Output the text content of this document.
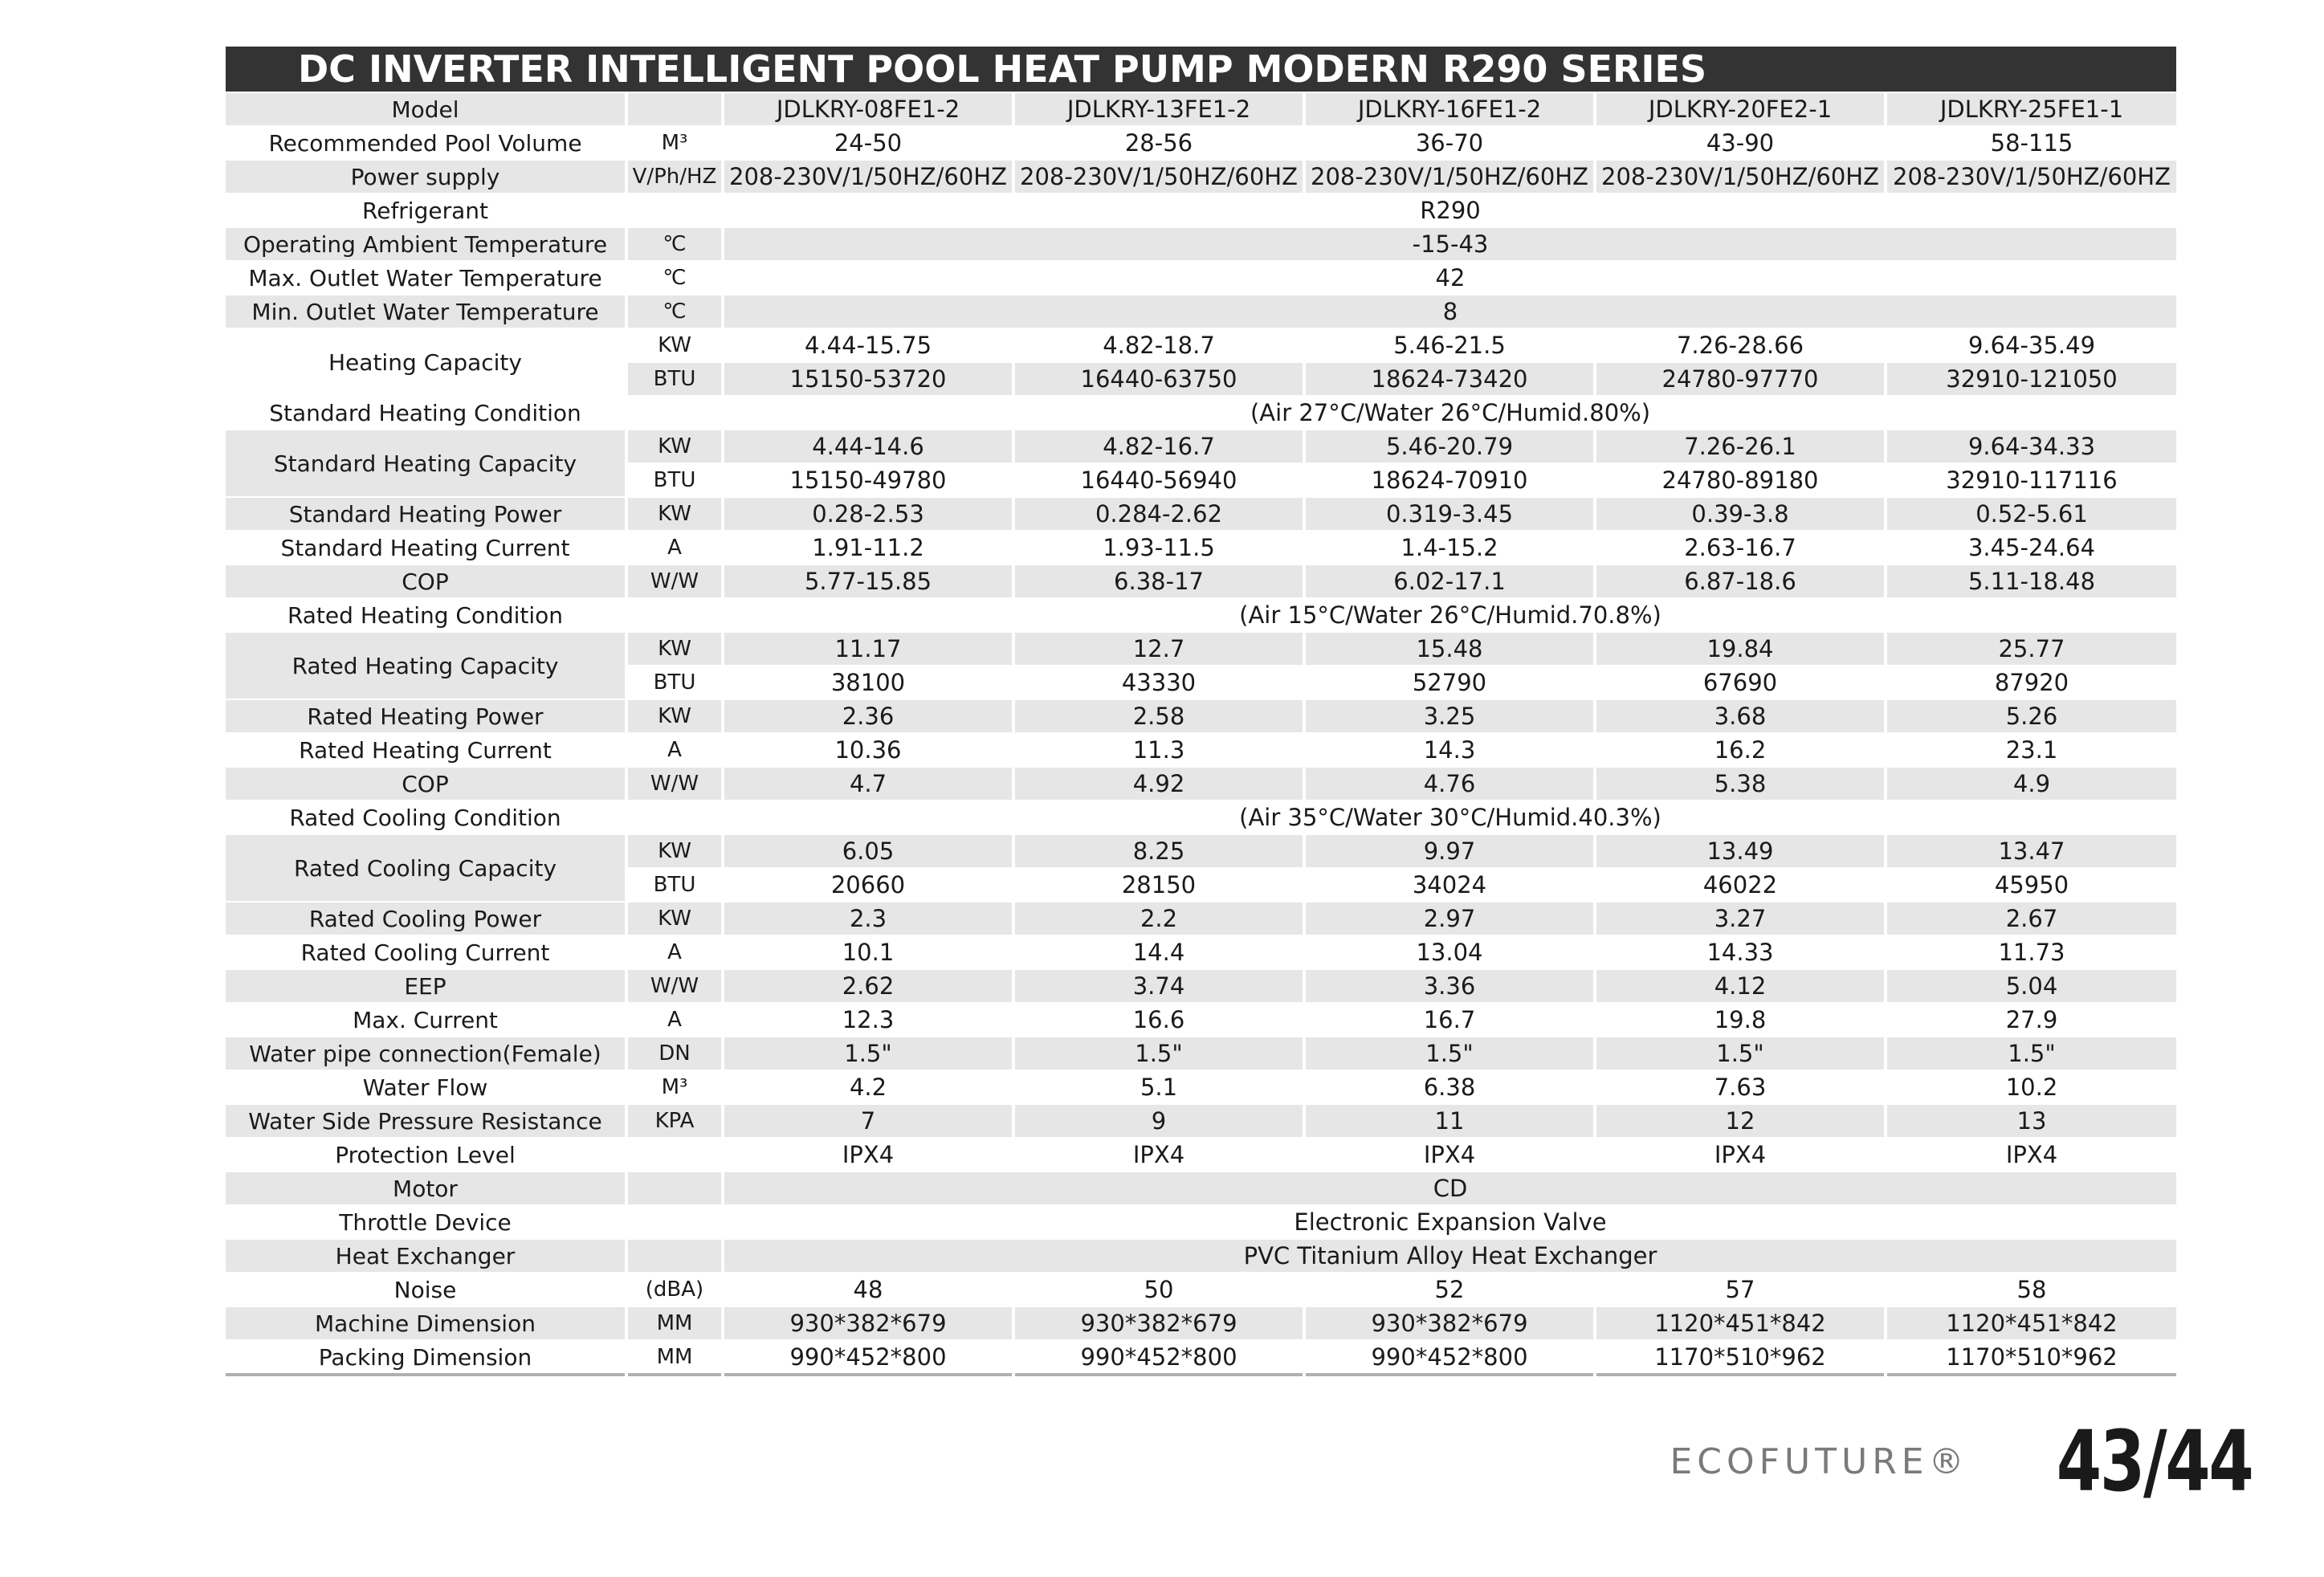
DC INVERTER INTELLIGENT POOL HEAT PUMP MODERN R290 SERIES
Model		JDLKRY-08FE1-2	JDLKRY-13FE1-2	JDLKRY-16FE1-2	JDLKRY-20FE2-1	JDLKRY-25FE1-1
Recommended Pool Volume	M³	24-50	28-56	36-70	43-90	58-115
Power supply	V/Ph/HZ	208-230V/1/50HZ/60HZ	208-230V/1/50HZ/60HZ	208-230V/1/50HZ/60HZ	208-230V/1/50HZ/60HZ	208-230V/1/50HZ/60HZ
Refrigerant		R290				
Operating Ambient Temperature	℃	-15-43				
Max. Outlet Water Temperature	℃	42				
Min. Outlet Water Temperature	℃	8				
Heating Capacity	KW	4.44-15.75	4.82-18.7	5.46-21.5	7.26-28.66	9.64-35.49
	BTU	15150-53720	16440-63750	18624-73420	24780-97770	32910-121050
Standard Heating Condition		(Air 27°C/Water 26°C/Humid.80%)				
Standard Heating Capacity	KW	4.44-14.6	4.82-16.7	5.46-20.79	7.26-26.1	9.64-34.33
	BTU	15150-49780	16440-56940	18624-70910	24780-89180	32910-117116
Standard Heating Power	KW	0.28-2.53	0.284-2.62	0.319-3.45	0.39-3.8	0.52-5.61
Standard Heating Current	A	1.91-11.2	1.93-11.5	1.4-15.2	2.63-16.7	3.45-24.64
COP	W/W	5.77-15.85	6.38-17	6.02-17.1	6.87-18.6	5.11-18.48
Rated Heating Condition		(Air 15°C/Water 26°C/Humid.70.8%)				
Rated Heating Capacity	KW	11.17	12.7	15.48	19.84	25.77
	BTU	38100	43330	52790	67690	87920
Rated Heating Power	KW	2.36	2.58	3.25	3.68	5.26
Rated Heating Current	A	10.36	11.3	14.3	16.2	23.1
COP	W/W	4.7	4.92	4.76	5.38	4.9
Rated Cooling Condition		(Air 35°C/Water 30°C/Humid.40.3%)				
Rated Cooling Capacity	KW	6.05	8.25	9.97	13.49	13.47
	BTU	20660	28150	34024	46022	45950
Rated Cooling Power	KW	2.3	2.2	2.97	3.27	2.67
Rated Cooling Current	A	10.1	14.4	13.04	14.33	11.73
EEP	W/W	2.62	3.74	3.36	4.12	5.04
Max. Current	A	12.3	16.6	16.7	19.8	27.9
Water pipe connection(Female)	DN	1.5"	1.5"	1.5"	1.5"	1.5"
Water Flow	M³	4.2	5.1	6.38	7.63	10.2
Water Side Pressure Resistance	KPA	7	9	11	12	13
Protection Level		IPX4	IPX4	IPX4	IPX4	IPX4
Motor		CD				
Throttle Device		Electronic Expansion Valve				
Heat Exchanger		PVC Titanium Alloy Heat Exchanger				
Noise	(dBA)	48	50	52	57	58
Machine Dimension	MM	930*382*679	930*382*679	930*382*679	1120*451*842	1120*451*842
Packing Dimension	MM	990*452*800	990*452*800	990*452*800	1170*510*962	1170*510*962
ECOFUTURE® 43/44
